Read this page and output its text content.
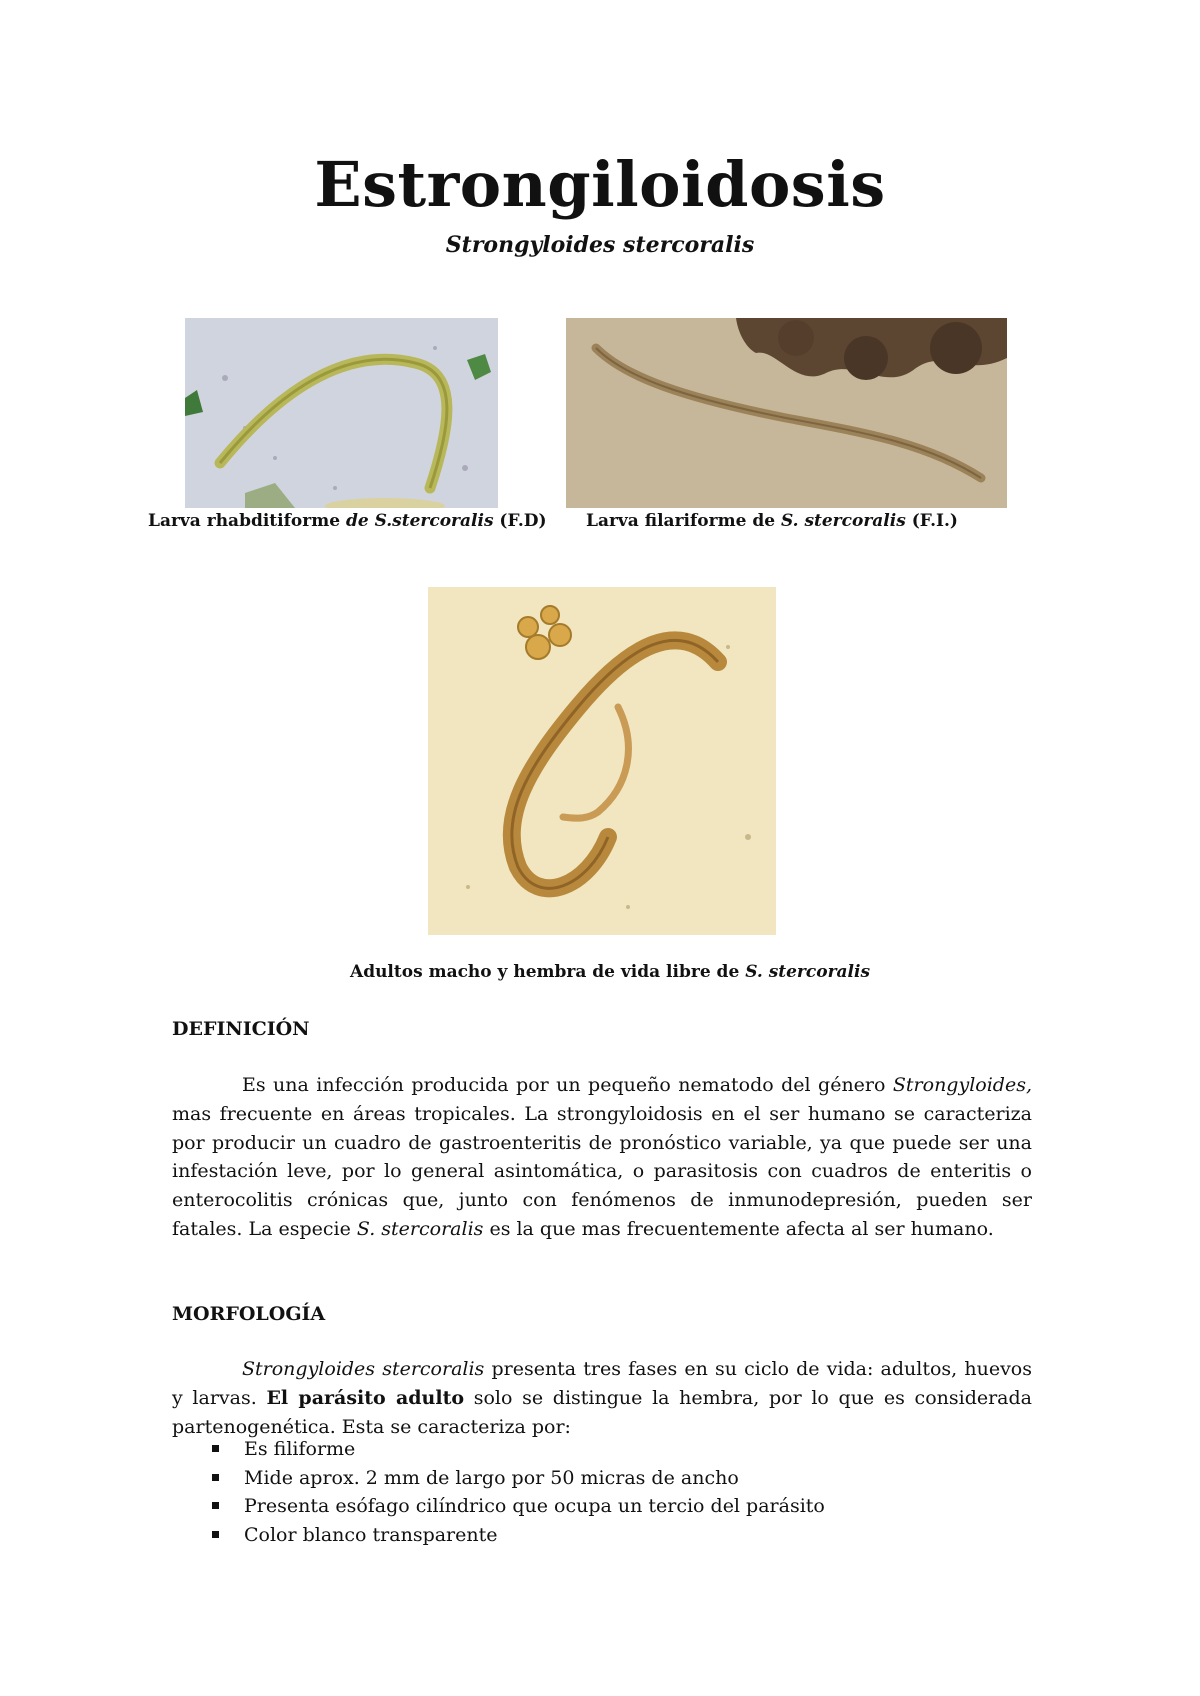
Estrongiloidosis
Strongyloides stercoralis
Larva rhabditiforme de S.stercoralis (F.D) Larva filariforme de S. stercoralis (F.I.)
Adultos macho y hembra de vida libre de S. stercoralis
DEFINICIÓN
Es una infección producida por un pequeño nematodo del género Strongyloides, mas frecuente en áreas tropicales. La strongyloidosis en el ser humano se caracteriza por producir un cuadro de gastroenteritis de pronóstico variable, ya que puede ser una infestación leve, por lo general asintomática, o parasitosis con cuadros de enteritis o enterocolitis crónicas que, junto con fenómenos de inmunodepresión, pueden ser fatales. La especie S. stercoralis es la que mas frecuentemente afecta al ser humano.
MORFOLOGÍA
Strongyloides stercoralis presenta tres fases en su ciclo de vida: adultos, huevos y larvas. El parásito adulto solo se distingue la hembra, por lo que es considerada partenogenética. Esta se caracteriza por:
Es filiforme
Mide aprox. 2 mm de largo por 50 micras de ancho
Presenta esófago cilíndrico que ocupa un tercio del parásito
Color blanco transparente
